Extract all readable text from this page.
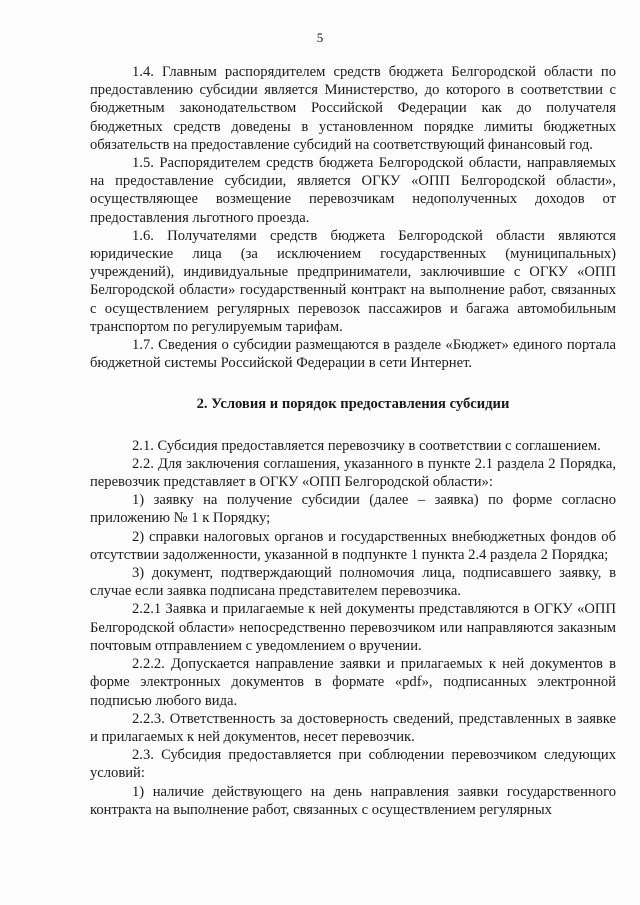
5

1.4. Главным распорядителем средств бюджета Белгородской области по предоставлению субсидии является Министерство, до которого в соответствии с бюджетным законодательством Российской Федерации как до получателя бюджетных средств доведены в установленном порядке лимиты бюджетных обязательств на предоставление субсидий на соответствующий финансовый год.

1.5. Распорядителем средств бюджета Белгородской области, направляемых на предоставление субсидии, является ОГКУ «ОПП Белгородской области», осуществляющее возмещение перевозчикам недополученных доходов от предоставления льготного проезда.

1.6. Получателями средств бюджета Белгородской области являются юридические лица (за исключением государственных (муниципальных) учреждений), индивидуальные предприниматели, заключившие с ОГКУ «ОПП Белгородской области» государственный контракт на выполнение работ, связанных с осуществлением регулярных перевозок пассажиров и багажа автомобильным транспортом по регулируемым тарифам.

1.7. Сведения о субсидии размещаются в разделе «Бюджет» единого портала бюджетной системы Российской Федерации в сети Интернет.

2. Условия и порядок предоставления субсидии

2.1. Субсидия предоставляется перевозчику в соответствии с соглашением.

2.2. Для заключения соглашения, указанного в пункте 2.1 раздела 2 Порядка, перевозчик представляет в ОГКУ «ОПП Белгородской области»:

1) заявку на получение субсидии (далее – заявка) по форме согласно приложению № 1 к Порядку;

2) справки налоговых органов и государственных внебюджетных фондов об отсутствии задолженности, указанной в подпункте 1 пункта 2.4 раздела 2 Порядка;

3) документ, подтверждающий полномочия лица, подписавшего заявку, в случае если заявка подписана представителем перевозчика.

2.2.1 Заявка и прилагаемые к ней документы представляются в ОГКУ «ОПП Белгородской области» непосредственно перевозчиком или направляются заказным почтовым отправлением с уведомлением о вручении.

2.2.2. Допускается направление заявки и прилагаемых к ней документов в форме электронных документов в формате «pdf», подписанных электронной подписью любого вида.

2.2.3. Ответственность за достоверность сведений, представленных в заявке и прилагаемых к ней документов, несет перевозчик.

2.3. Субсидия предоставляется при соблюдении перевозчиком следующих условий:

1) наличие действующего на день направления заявки государственного контракта на выполнение работ, связанных с осуществлением регулярных
